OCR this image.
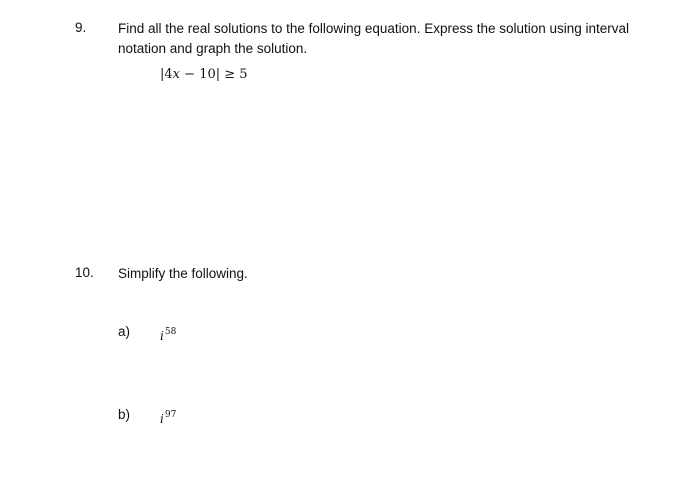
9. Find all the real solutions to the following equation. Express the solution using interval notation and graph the solution.
|4x − 10| ≥ 5
10. Simplify the following.
a) $i^{58}$
b) $i^{97}$
